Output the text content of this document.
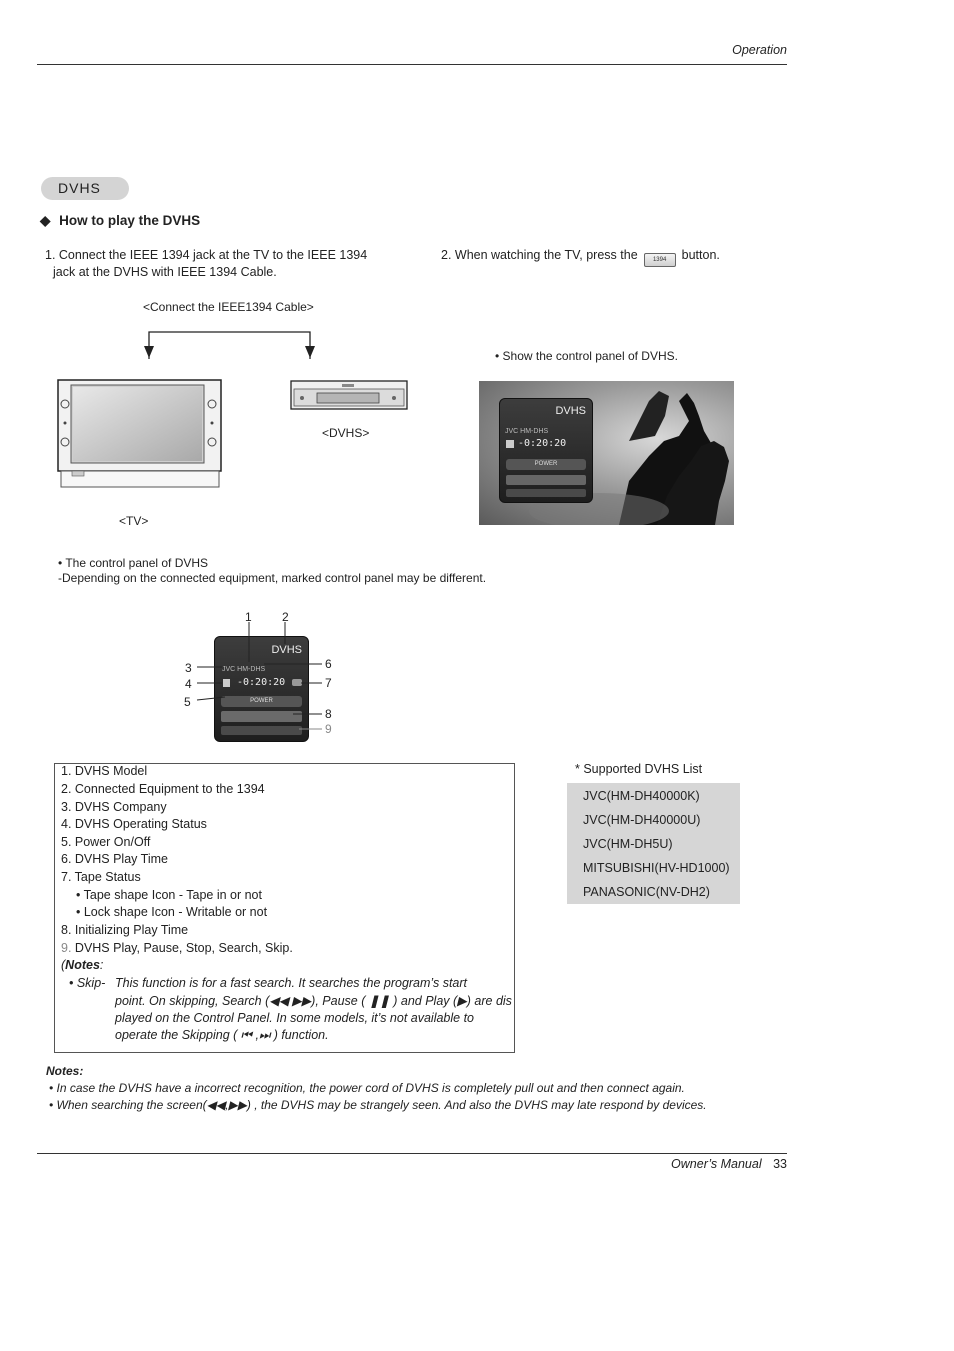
Operation
DVHS
◆ How to play the DVHS
1. Connect the IEEE 1394 jack at the TV to the IEEE 1394
jack at the DVHS with IEEE 1394 Cable.
2. When watching the TV, press the	1394 button.
<Connect the IEEE1394 Cable>
<TV>
<DVHS>
• Show the control panel of DVHS.
DVHS
JVC HM-DHS
-0:20:20
POWER
• The control panel of DVHS
-Depending on the connected equipment, marked control panel may be different.
DVHS
JVC HM-DHS
-0:20:20
POWER
1	2
3
4
5
6
7
8
9
1. DVHS Model
2. Connected Equipment to the 1394
3. DVHS Company
4. DVHS Operating Status
5. Power On/Off
6. DVHS Play Time
7. Tape Status
• Tape shape Icon - Tape in or not
• Lock shape Icon - Writable or not
8. Initializing Play Time
9. DVHS Play, Pause, Stop, Search, Skip.
(Notes:
• Skip- This function is for a fast search. It searches the program’s start
point. On skipping, Search (◀◀ ▶▶), Pause ( ❚❚ ) and Play (▶) are dis
played on the Control Panel. In some models, it’s not available to
operate the Skipping ( ⏮ ,⏭ ) function.
* Supported DVHS List
JVC(HM-DH40000K)
JVC(HM-DH40000U)
JVC(HM-DH5U)
MITSUBISHI(HV-HD1000)
PANASONIC(NV-DH2)
Notes:
• In case the DVHS have a incorrect recognition, the power cord of DVHS is completely pull out and then connect again.
• When searching the screen(◀◀,▶▶) , the DVHS may be strangely seen. And also the DVHS may late respond by devices.
Owner’s Manual 33
